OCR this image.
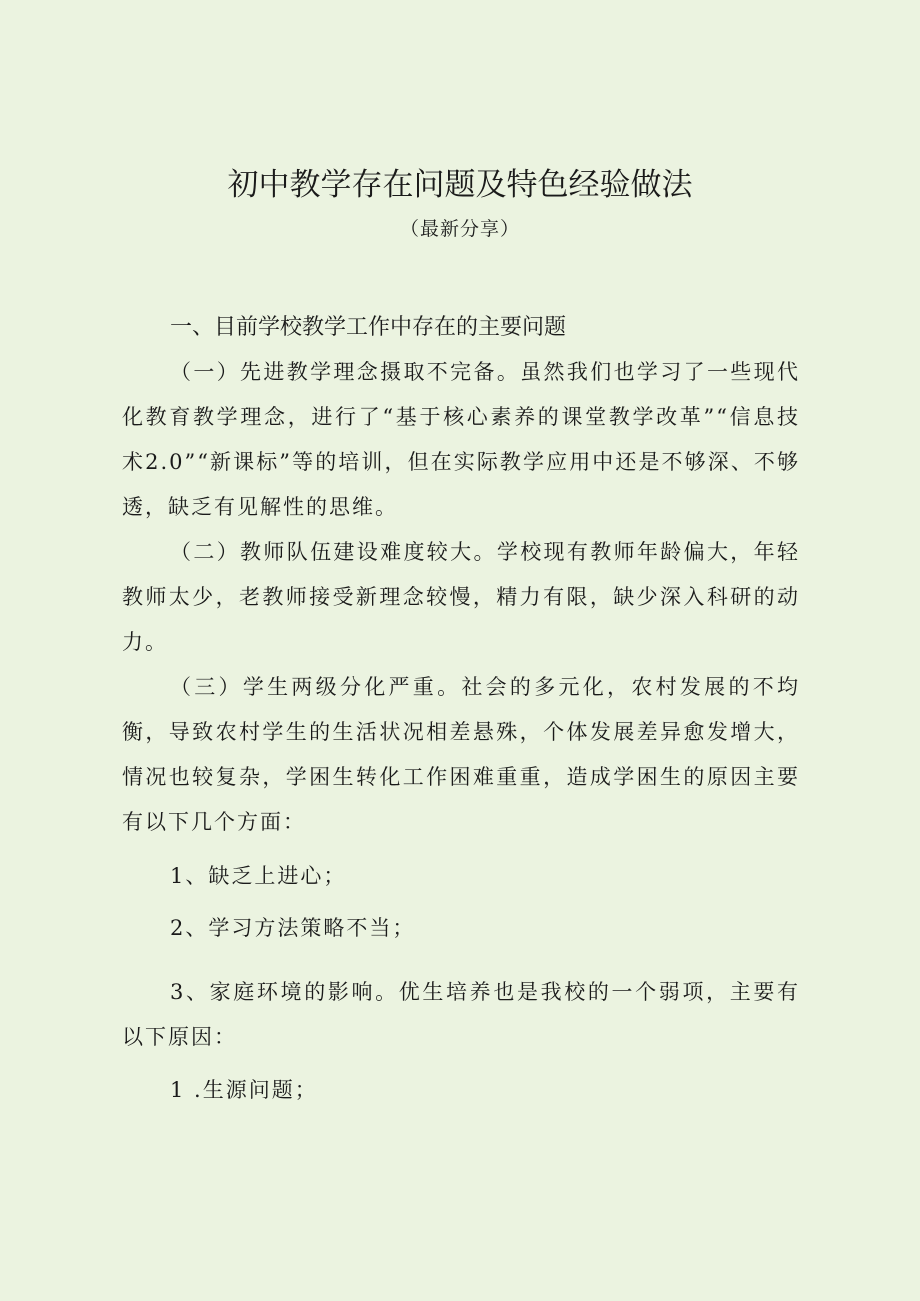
初中教学存在问题及特色经验做法

（最新分享）

一、目前学校教学工作中存在的主要问题

（一）先进教学理念摄取不完备。虽然我们也学习了一些现代化教育教学理念，进行了“基于核心素养的课堂教学改革”“信息技术2.0”“新课标”等的培训，但在实际教学应用中还是不够深、不够透，缺乏有见解性的思维。

（二）教师队伍建设难度较大。学校现有教师年龄偏大，年轻教师太少，老教师接受新理念较慢，精力有限，缺少深入科研的动力。

（三）学生两级分化严重。社会的多元化，农村发展的不均衡，导致农村学生的生活状况相差悬殊，个体发展差异愈发增大，情况也较复杂，学困生转化工作困难重重，造成学困生的原因主要有以下几个方面：

1、缺乏上进心；

2、学习方法策略不当；

3、家庭环境的影响。优生培养也是我校的一个弱项，主要有以下原因：

1 .生源问题；
